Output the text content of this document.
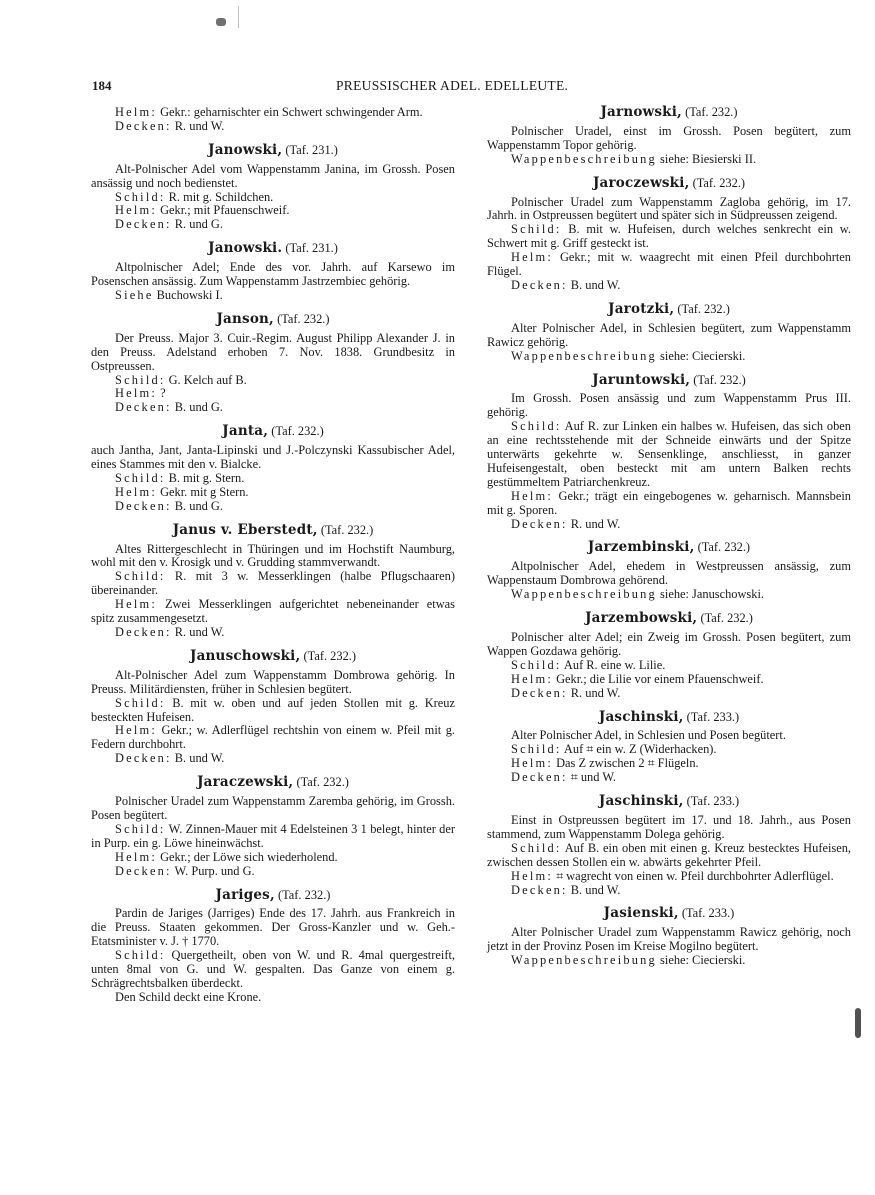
184	PREUSSISCHER ADEL. EDELLEUTE.

Helm: Gekr.: geharnischter ein Schwert schwingender Arm.

Decken: R. und W.

Janowski, (Taf. 231.)

Alt-Polnischer Adel vom Wappenstamm Janina, im Grossh. Posen ansässig und noch bedienstet.

Schild: R. mit g. Schildchen.

Helm: Gekr.; mit Pfauenschweif.

Decken: R. und G.

Janowski. (Taf. 231.)

Altpolnischer Adel; Ende des vor. Jahrh. auf Karsewo im Posenschen ansässig. Zum Wappenstamm Jastrzembiec gehörig.

Siehe Buchowski I.

Janson, (Taf. 232.)

Der Preuss. Major 3. Cuir.-Regim. August Philipp Alexander J. in den Preuss. Adelstand erhoben 7. Nov. 1838. Grundbesitz in Ostpreussen.

Schild: G. Kelch auf B.

Helm: ?

Decken: B. und G.

Janta, (Taf. 232.)

auch Jantha, Jant, Janta-Lipinski und J.-Polczynski Kassubischer Adel, eines Stammes mit den v. Bialcke.

Schild: B. mit g. Stern.

Helm: Gekr. mit g Stern.

Decken: B. und G.

Janus v. Eberstedt, (Taf. 232.)

Altes Rittergeschlecht in Thüringen und im Hochstift Naumburg, wohl mit den v. Krosigk und v. Grudding stammverwandt.

Schild: R. mit 3 w. Messerklingen (halbe Pflugschaaren) übereinander.

Helm: Zwei Messerklingen aufgerichtet nebeneinander etwas spitz zusammengesetzt.

Decken: R. und W.

Januschowski, (Taf. 232.)

Alt-Polnischer Adel zum Wappenstamm Dombrowa gehörig. In Preuss. Militärdiensten, früher in Schlesien begütert.

Schild: B. mit w. oben und auf jeden Stollen mit g. Kreuz besteckten Hufeisen.

Helm: Gekr.; w. Adlerflügel rechtshin von einem w. Pfeil mit g. Federn durchbohrt.

Decken: B. und W.

Jaraczewski, (Taf. 232.)

Polnischer Uradel zum Wappenstamm Zaremba gehörig, im Grossh. Posen begütert.

Schild: W. Zinnen-Mauer mit 4 Edelsteinen 3 1 belegt, hinter der in Purp. ein g. Löwe hineinwächst.

Helm: Gekr.; der Löwe sich wiederholend.

Decken: W. Purp. und G.

Jariges, (Taf. 232.)

Pardin de Jariges (Jarriges) Ende des 17. Jahrh. aus Frankreich in die Preuss. Staaten gekommen. Der Gross-Kanzler und w. Geh.-Etatsminister v. J. † 1770.

Schild: Quergetheilt, oben von W. und R. 4mal quergestreift, unten 8mal von G. und W. gespalten. Das Ganze von einem g. Schrägrechtsbalken überdeckt.

Den Schild deckt eine Krone.

Jarnowski, (Taf. 232.)

Polnischer Uradel, einst im Grossh. Posen begütert, zum Wappenstamm Topor gehörig.

Wappenbeschreibung siehe: Biesierski II.

Jaroczewski, (Taf. 232.)

Polnischer Uradel zum Wappenstamm Zagloba gehörig, im 17. Jahrh. in Ostpreussen begütert und später sich in Südpreussen zeigend.

Schild: B. mit w. Hufeisen, durch welches senkrecht ein w. Schwert mit g. Griff gesteckt ist.

Helm: Gekr.; mit w. waagrecht mit einen Pfeil durchbohrten Flügel.

Decken: B. und W.

Jarotzki, (Taf. 232.)

Alter Polnischer Adel, in Schlesien begütert, zum Wappenstamm Rawicz gehörig.

Wappenbeschreibung siehe: Ciecierski.

Jaruntowski, (Taf. 232.)

Im Grossh. Posen ansässig und zum Wappenstamm Prus III. gehörig.

Schild: Auf R. zur Linken ein halbes w. Hufeisen, das sich oben an eine rechtsstehende mit der Schneide einwärts und der Spitze unterwärts gekehrte w. Sensenklinge, anschliesst, in ganzer Hufeisengestalt, oben besteckt mit am untern Balken rechts gestümmeltem Patriarchenkreuz.

Helm: Gekr.; trägt ein eingebogenes w. geharnisch. Mannsbein mit g. Sporen.

Decken: R. und W.

Jarzembinski, (Taf. 232.)

Altpolnischer Adel, ehedem in Westpreussen ansässig, zum Wappenstaum Dombrowa gehörend.

Wappenbeschreibung siehe: Januschowski.

Jarzembowski, (Taf. 232.)

Polnischer alter Adel; ein Zweig im Grossh. Posen begütert, zum Wappen Gozdawa gehörig.

Schild: Auf R. eine w. Lilie.

Helm: Gekr.; die Lilie vor einem Pfauenschweif.

Decken: R. und W.

Jaschinski, (Taf. 233.)

Alter Polnischer Adel, in Schlesien und Posen begütert.

Schild: Auf ⌗ ein w. Z (Widerhacken).

Helm: Das Z zwischen 2 ⌗ Flügeln.

Decken: ⌗ und W.

Jaschinski, (Taf. 233.)

Einst in Ostpreussen begütert im 17. und 18. Jahrh., aus Posen stammend, zum Wappenstamm Dolega gehörig.

Schild: Auf B. ein oben mit einen g. Kreuz bestecktes Hufeisen, zwischen dessen Stollen ein w. abwärts gekehrter Pfeil.

Helm: ⌗ wagrecht von einen w. Pfeil durchbohrter Adlerflügel.

Decken: B. und W.

Jasienski, (Taf. 233.)

Alter Polnischer Uradel zum Wappenstamm Rawicz gehörig, noch jetzt in der Provinz Posen im Kreise Mogilno begütert.

Wappenbeschreibung siehe: Ciecierski.
